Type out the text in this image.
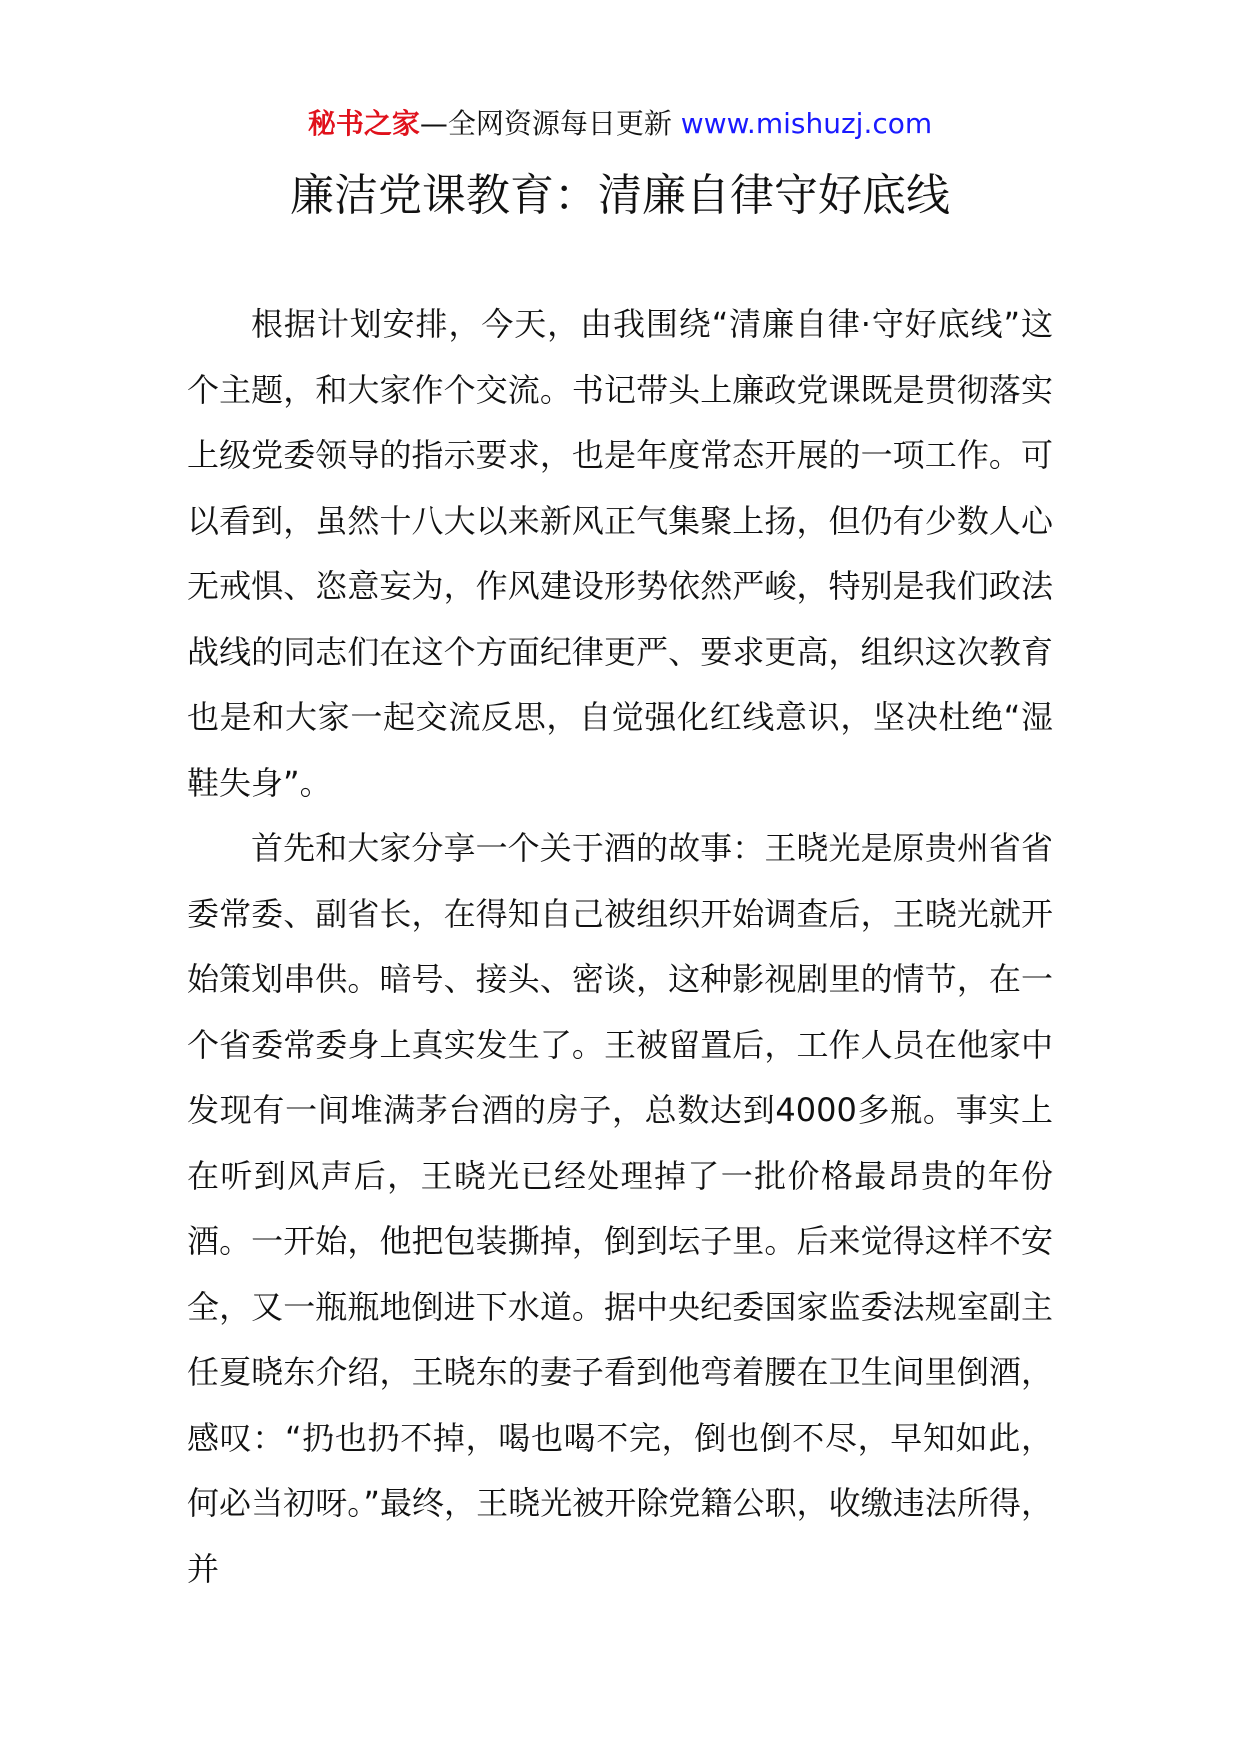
秘书之家—全网资源每日更新 www.mishuzj.com
廉洁党课教育：清廉自律守好底线

根据计划安排，今天，由我围绕“清廉自律·守好底线”这个主题，和大家作个交流。书记带头上廉政党课既是贯彻落实上级党委领导的指示要求，也是年度常态开展的一项工作。可以看到，虽然十八大以来新风正气集聚上扬，但仍有少数人心无戒惧、恣意妄为，作风建设形势依然严峻，特别是我们政法战线的同志们在这个方面纪律更严、要求更高，组织这次教育也是和大家一起交流反思，自觉强化红线意识，坚决杜绝“湿鞋失身”。

首先和大家分享一个关于酒的故事：王晓光是原贵州省省委常委、副省长，在得知自己被组织开始调查后，王晓光就开始策划串供。暗号、接头、密谈，这种影视剧里的情节，在一个省委常委身上真实发生了。王被留置后，工作人员在他家中发现有一间堆满茅台酒的房子，总数达到4000多瓶。事实上在听到风声后，王晓光已经处理掉了一批价格最昂贵的年份酒。一开始，他把包装撕掉，倒到坛子里。后来觉得这样不安全，又一瓶瓶地倒进下水道。据中央纪委国家监委法规室副主任夏晓东介绍，王晓东的妻子看到他弯着腰在卫生间里倒酒，感叹：“扔也扔不掉，喝也喝不完，倒也倒不尽，早知如此，何必当初呀。”最终，王晓光被开除党籍公职，收缴违法所得，并
